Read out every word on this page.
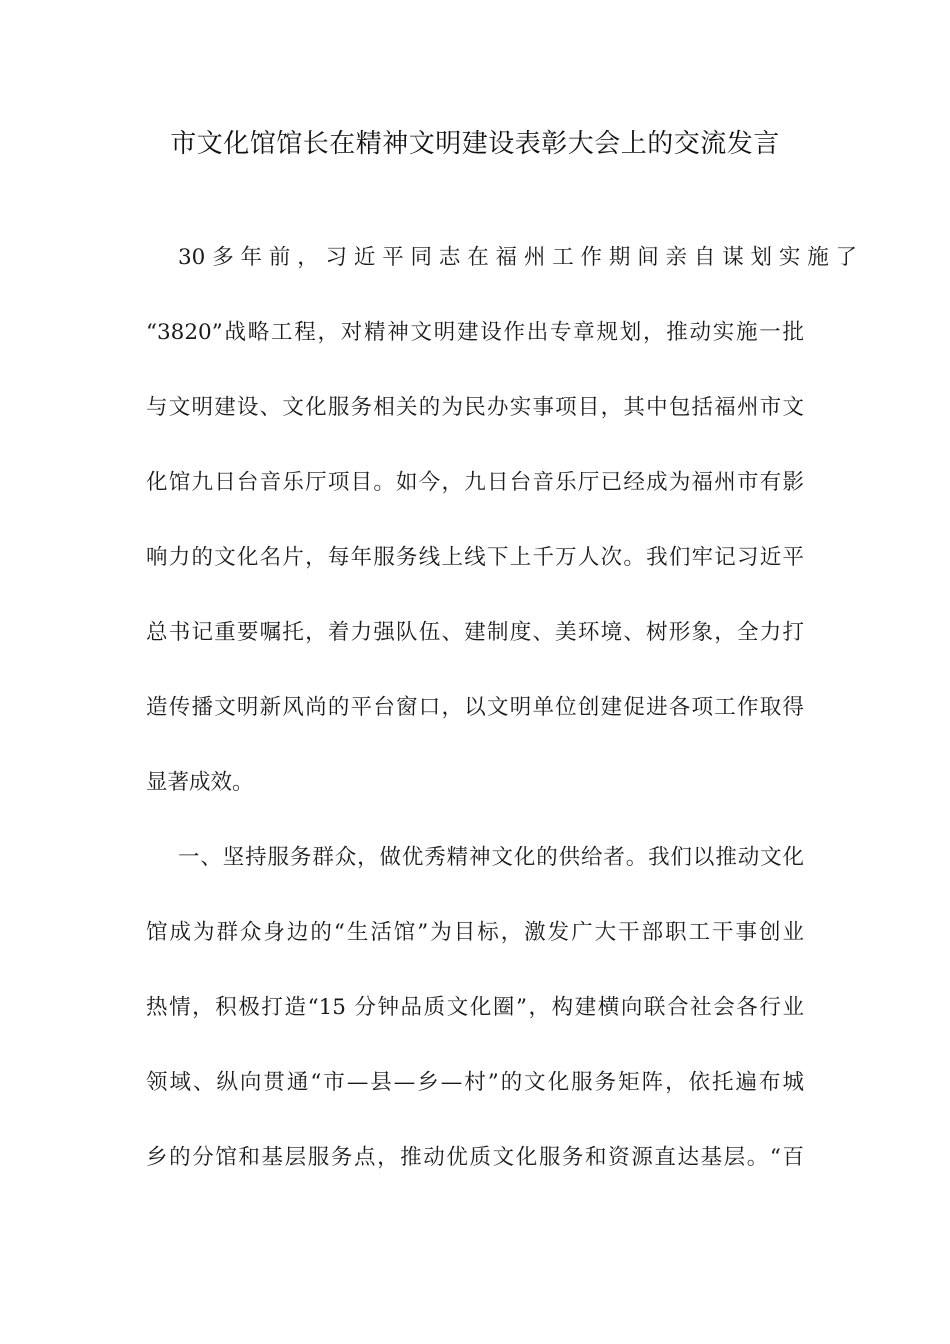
市文化馆馆长在精神文明建设表彰大会上的交流发言
30 多 年 前 ， 习 近 平 同 志 在 福 州 工 作 期 间 亲 自 谋 划 实 施 了
“3820”战略工程，对精神文明建设作出专章规划，推动实施一批
与文明建设、文化服务相关的为民办实事项目，其中包括福州市文
化馆九日台音乐厅项目。如今，九日台音乐厅已经成为福州市有影
响力的文化名片，每年服务线上线下上千万人次。我们牢记习近平
总书记重要嘱托，着力强队伍、建制度、美环境、树形象，全力打
造传播文明新风尚的平台窗口，以文明单位创建促进各项工作取得
显著成效。
一、坚持服务群众，做优秀精神文化的供给者。我们以推动文化
馆成为群众身边的“生活馆”为目标，激发广大干部职工干事创业
热情，积极打造“15 分钟品质文化圈”，构建横向联合社会各行业
领域、纵向贯通“市—县—乡—村”的文化服务矩阵，依托遍布城
乡的分馆和基层服务点，推动优质文化服务和资源直达基层。“百
